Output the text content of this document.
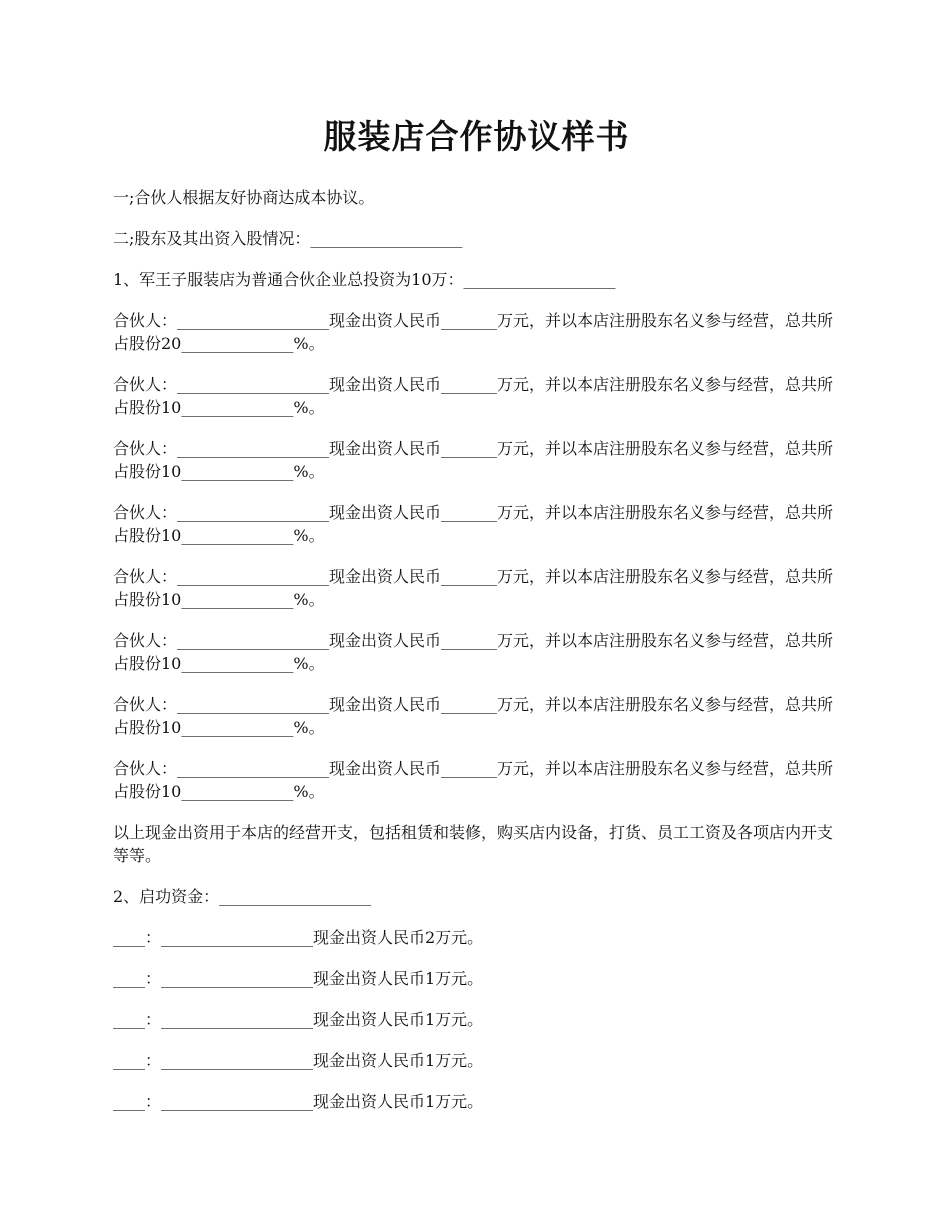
服装店合作协议样书

一;合伙人根据友好协商达成本协议。

二;股东及其出资入股情况：___________________

1、军王子服装店为普通合伙企业总投资为10万：___________________

合伙人：___________________现金出资人民币_______万元，并以本店注册股东名义参与经营，总共所占股份20______________%。

合伙人：___________________现金出资人民币_______万元，并以本店注册股东名义参与经营，总共所占股份10______________%。

合伙人：___________________现金出资人民币_______万元，并以本店注册股东名义参与经营，总共所占股份10______________%。

合伙人：___________________现金出资人民币_______万元，并以本店注册股东名义参与经营，总共所占股份10______________%。

合伙人：___________________现金出资人民币_______万元，并以本店注册股东名义参与经营，总共所占股份10______________%。

合伙人：___________________现金出资人民币_______万元，并以本店注册股东名义参与经营，总共所占股份10______________%。

合伙人：___________________现金出资人民币_______万元，并以本店注册股东名义参与经营，总共所占股份10______________%。

合伙人：___________________现金出资人民币_______万元，并以本店注册股东名义参与经营，总共所占股份10______________%。

以上现金出资用于本店的经营开支，包括租赁和装修，购买店内设备，打货、员工工资及各项店内开支等等。

2、启功资金：___________________

____：___________________现金出资人民币2万元。

____：___________________现金出资人民币1万元。

____：___________________现金出资人民币1万元。

____：___________________现金出资人民币1万元。

____：___________________现金出资人民币1万元。
